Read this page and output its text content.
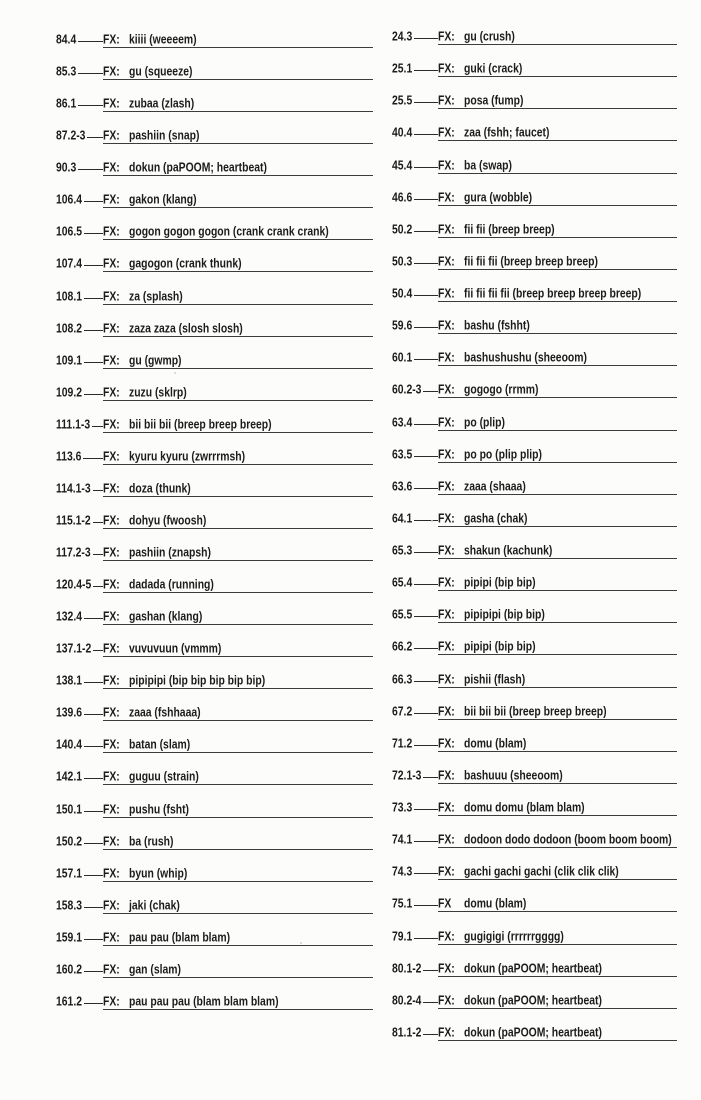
84.4	FX: kiiii (weeeem)
85.3	FX: gu (squeeze)
86.1	FX: zubaa (zlash)
87.2-3 FX: pashiin (snap)
90.3	FX: dokun (paPOOM; heartbeat)
106.4 FX: gakon (klang)
106.5 FX: gogon gogon gogon (crank crank crank)
107.4 FX: gagogon (crank thunk)
108.1 FX: za (splash)
108.2 FX: zaza zaza (slosh slosh)
109.1 FX: gu (gwmp)
109.2 FX: zuzu (sklrp)
111.1-3 FX: bii bii bii (breep breep breep)
113.6 FX: kyuru kyuru (zwrrrmsh)
114.1-3 FX: doza (thunk)
115.1-2 FX: dohyu (fwoosh)
117.2-3 FX: pashiin (znapsh)
120.4-5 FX: dadada (running)
132.4 FX: gashan (klang)
137.1-2 FX: vuvuvuun (vmmm)
138.1 FX: pipipipi (bip bip bip bip bip)
139.6 FX: zaaa (fshhaaa)
140.4 FX: batan (slam)
142.1 FX: guguu (strain)
150.1 FX: pushu (fsht)
150.2 FX: ba (rush)
157.1 FX: byun (whip)
158.3 FX: jaki (chak)
159.1 FX: pau pau (blam blam)
160.2 FX: gan (slam)
161.2 FX: pau pau pau (blam blam blam)
24.3 FX: gu (crush)
25.1 FX: guki (crack)
25.5 FX: posa (fump)
40.4 FX: zaa (fshh; faucet)
45.4 FX: ba (swap)
46.6 FX: gura (wobble)
50.2 FX: fii fii (breep breep)
50.3 FX: fii fii fii (breep breep breep)
50.4 FX: fii fii fii fii (breep breep breep breep)
59.6 FX: bashu (fshht)
60.1 FX: bashushushu (sheeoom)
60.2-3 FX: gogogo (rrmm)
63.4 FX: po (plip)
63.5 FX: po po (plip plip)
63.6 FX: zaaa (shaaa)
64.1 FX: gasha (chak)
65.3 FX: shakun (kachunk)
65.4 FX: pipipi (bip bip)
65.5 FX: pipipipi (bip bip)
66.2 FX: pipipi (bip bip)
66.3 FX: pishii (flash)
67.2 FX: bii bii bii (breep breep breep)
71.2 FX: domu (blam)
72.1-3 FX: bashuuu (sheeoom)
73.3 FX: domu domu (blam blam)
74.1 FX: dodoon dodo dodoon (boom boom boom)
74.3 FX: gachi gachi gachi (clik clik clik)
75.1 FX	domu (blam)
79.1 FX: gugigigi (rrrrrrgggg)
80.1-2 FX: dokun (paPOOM; heartbeat)
80.2-4 FX: dokun (paPOOM; heartbeat)
81.1-2 FX: dokun (paPOOM; heartbeat)
